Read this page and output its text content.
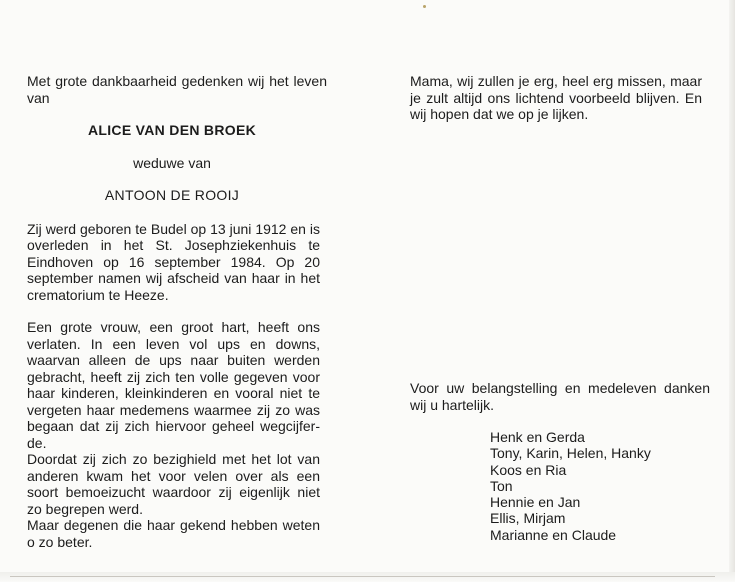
Met grote dankbaarheid gedenken wij het leven van

ALICE VAN DEN BROEK

weduwe van

ANTOON DE ROOIJ

Zij werd geboren te Budel op 13 juni 1912 en is overleden in het St. Josephziekenhuis te Eindhoven op 16 september 1984. Op 20 september namen wij afscheid van haar in het crematorium te Heeze.

Een grote vrouw, een groot hart, heeft ons verlaten. In een leven vol ups en downs, waarvan alleen de ups naar buiten werden gebracht, heeft zij zich ten volle gegeven voor haar kinderen, kleinkinderen en vooral niet te vergeten haar medemens waarmee zij zo was begaan dat zij zich hiervoor geheel wegcijfer-de.

Doordat zij zich zo bezighield met het lot van anderen kwam het voor velen over als een soort bemoeizucht waardoor zij eigenlijk niet zo begrepen werd.

Maar degenen die haar gekend hebben weten o zo beter.

Mama, wij zullen je erg, heel erg missen, maar je zult altijd ons lichtend voorbeeld blijven. En wij hopen dat we op je lijken.
Voor uw belangstelling en medeleven danken wij u hartelijk.
Henk en Gerda
Tony, Karin, Helen, Hanky
Koos en Ria
Ton
Hennie en Jan
Ellis, Mirjam
Marianne en Claude
